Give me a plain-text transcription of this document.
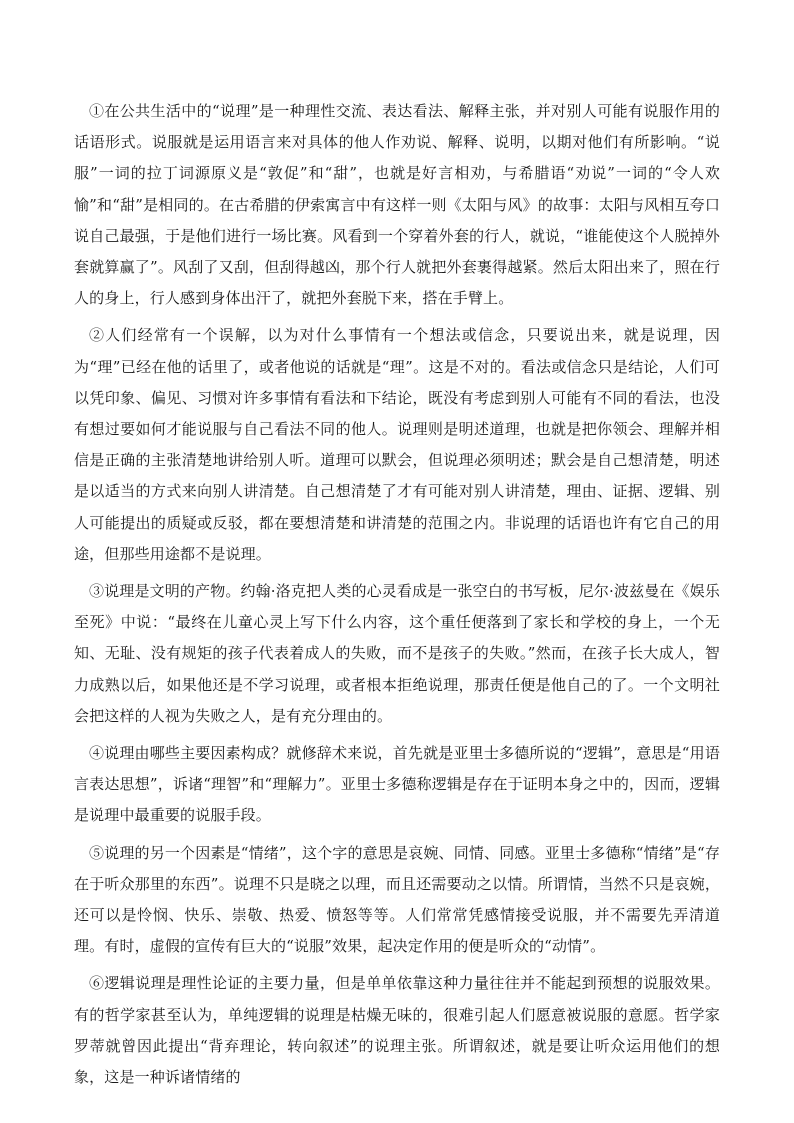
①在公共生活中的“说理”是一种理性交流、表达看法、解释主张，并对别人可能有说服作用的话语形式。说服就是运用语言来对具体的他人作劝说、解释、说明，以期对他们有所影响。“说服”一词的拉丁词源原义是“敦促”和“甜”，也就是好言相劝，与希腊语“劝说”一词的“令人欢愉”和“甜”是相同的。在古希腊的伊索寓言中有这样一则《太阳与风》的故事：太阳与风相互夸口说自己最强，于是他们进行一场比赛。风看到一个穿着外套的行人，就说，“谁能使这个人脱掉外套就算赢了”。风刮了又刮，但刮得越凶，那个行人就把外套裹得越紧。然后太阳出来了，照在行人的身上，行人感到身体出汗了，就把外套脱下来，搭在手臂上。

②人们经常有一个误解，以为对什么事情有一个想法或信念，只要说出来，就是说理，因为“理”已经在他的话里了，或者他说的话就是“理”。这是不对的。看法或信念只是结论，人们可以凭印象、偏见、习惯对许多事情有看法和下结论，既没有考虑到别人可能有不同的看法，也没有想过要如何才能说服与自己看法不同的他人。说理则是明述道理，也就是把你领会、理解并相信是正确的主张清楚地讲给别人听。道理可以默会，但说理必须明述；默会是自己想清楚，明述是以适当的方式来向别人讲清楚。自己想清楚了才有可能对别人讲清楚，理由、证据、逻辑、别人可能提出的质疑或反驳，都在要想清楚和讲清楚的范围之内。非说理的话语也许有它自己的用途，但那些用途都不是说理。

③说理是文明的产物。约翰·洛克把人类的心灵看成是一张空白的书写板，尼尔·波兹曼在《娱乐至死》中说：“最终在儿童心灵上写下什么内容，这个重任便落到了家长和学校的身上，一个无知、无耻、没有规矩的孩子代表着成人的失败，而不是孩子的失败。”然而，在孩子长大成人，智力成熟以后，如果他还是不学习说理，或者根本拒绝说理，那责任便是他自己的了。一个文明社会把这样的人视为失败之人，是有充分理由的。

④说理由哪些主要因素构成？就修辞术来说，首先就是亚里士多德所说的“逻辑”，意思是“用语言表达思想”，诉诸“理智”和“理解力”。亚里士多德称逻辑是存在于证明本身之中的，因而，逻辑是说理中最重要的说服手段。

⑤说理的另一个因素是“情绪”，这个字的意思是哀婉、同情、同感。亚里士多德称“情绪”是“存在于听众那里的东西”。说理不只是晓之以理，而且还需要动之以情。所谓情，当然不只是哀婉，还可以是怜悯、快乐、崇敬、热爱、愤怒等等。人们常常凭感情接受说服，并不需要先弄清道理。有时，虚假的宣传有巨大的“说服”效果，起决定作用的便是听众的“动情”。

⑥逻辑说理是理性论证的主要力量，但是单单依靠这种力量往往并不能起到预想的说服效果。有的哲学家甚至认为，单纯逻辑的说理是枯燥无味的，很难引起人们愿意被说服的意愿。哲学家罗蒂就曾因此提出“背弃理论，转向叙述”的说理主张。所谓叙述，就是要让听众运用他们的想象，这是一种诉诸情绪的
